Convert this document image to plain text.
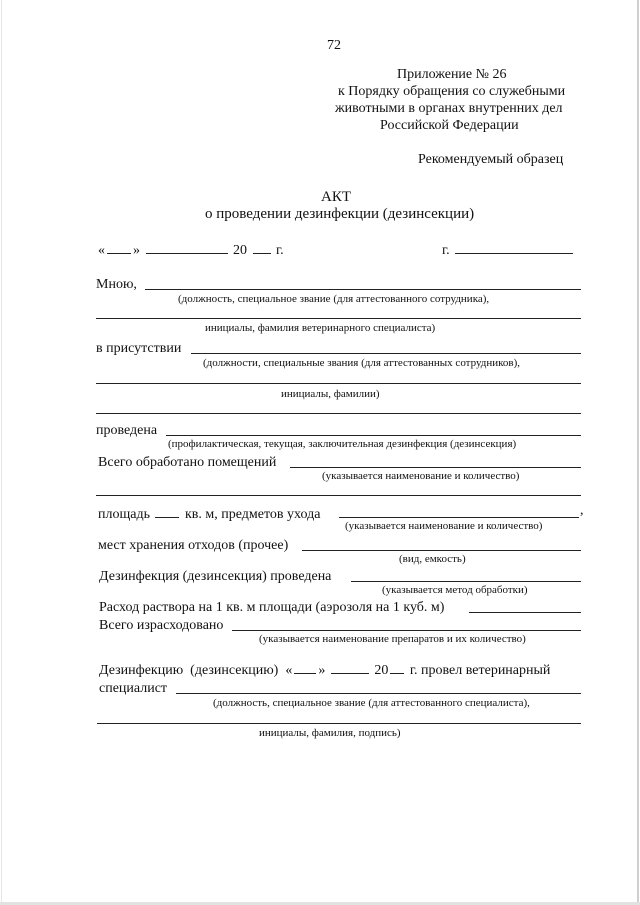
72
Приложение № 26
к Порядку обращения со служебными
животными в органах внутренних дел
Российской Федерации
Рекомендуемый образец
АКТ
о проведении дезинфекции (дезинсекции)
« »	20 г.	г.
Мною,
(должность, специальное звание (для аттестованного сотрудника),
инициалы, фамилия ветеринарного специалиста)
в присутствии
(должности, специальные звания (для аттестованных сотрудников),
инициалы, фамилии)
проведена
(профилактическая, текущая, заключительная дезинфекция (дезинсекция)
Всего обработано помещений
(указывается наименование и количество)
площадь	кв. м, предметов ухода	,
(указывается наименование и количество)
мест хранения отходов (прочее)
(вид, емкость)
Дезинфекция (дезинсекция) проведена
(указывается метод обработки)
Расход раствора на 1 кв. м площади (аэрозоля на 1 куб. м)
Всего израсходовано
(указывается наименование препаратов и их количество)
Дезинфекцию (дезинсекцию) « »	20 г. провел ветеринарный
специалист
(должность, специальное звание (для аттестованного специалиста),
инициалы, фамилия, подпись)
